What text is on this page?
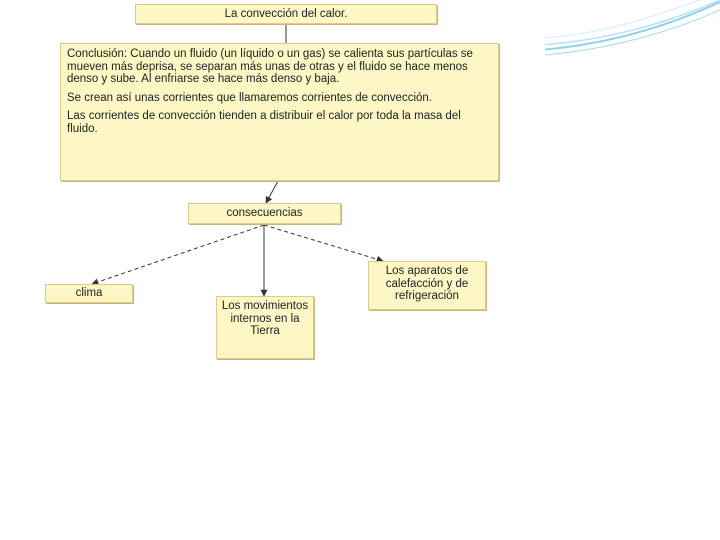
La convección del calor.

Conclusión: Cuando un fluido (un líquido o un gas) se calienta sus partículas se mueven más deprisa, se separan más unas de otras y el fluido se hace menos denso y sube. Al enfriarse se hace más denso y baja.

Se crean así unas corrientes que llamaremos corrientes de convección.

Las corrientes de convección tienden a distribuir el calor por toda la masa del fluido.

consecuencias
clima
Los movimientos internos en la Tierra
Los aparatos de calefacción y de refrigeración
